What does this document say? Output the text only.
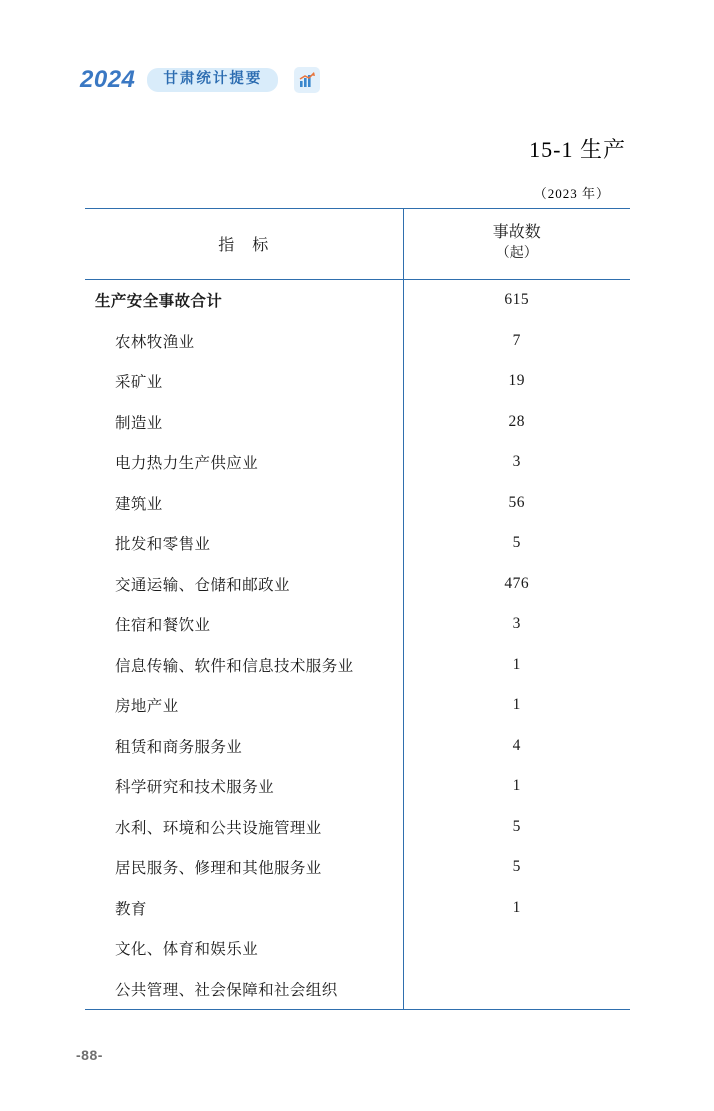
2024	甘肃统计提要
15-1 生产
（2023 年）
指　标	事故数
（起）

生产安全事故合计	615
农林牧渔业	7
采矿业	19
制造业	28
电力热力生产供应业	3
建筑业	56
批发和零售业	5
交通运输、仓储和邮政业	476
住宿和餐饮业	3
信息传输、软件和信息技术服务业	1
房地产业	1
租赁和商务服务业	4
科学研究和技术服务业	1
水利、环境和公共设施管理业	5
居民服务、修理和其他服务业	5
教育	1
文化、体育和娱乐业	
公共管理、社会保障和社会组织	
-88-
